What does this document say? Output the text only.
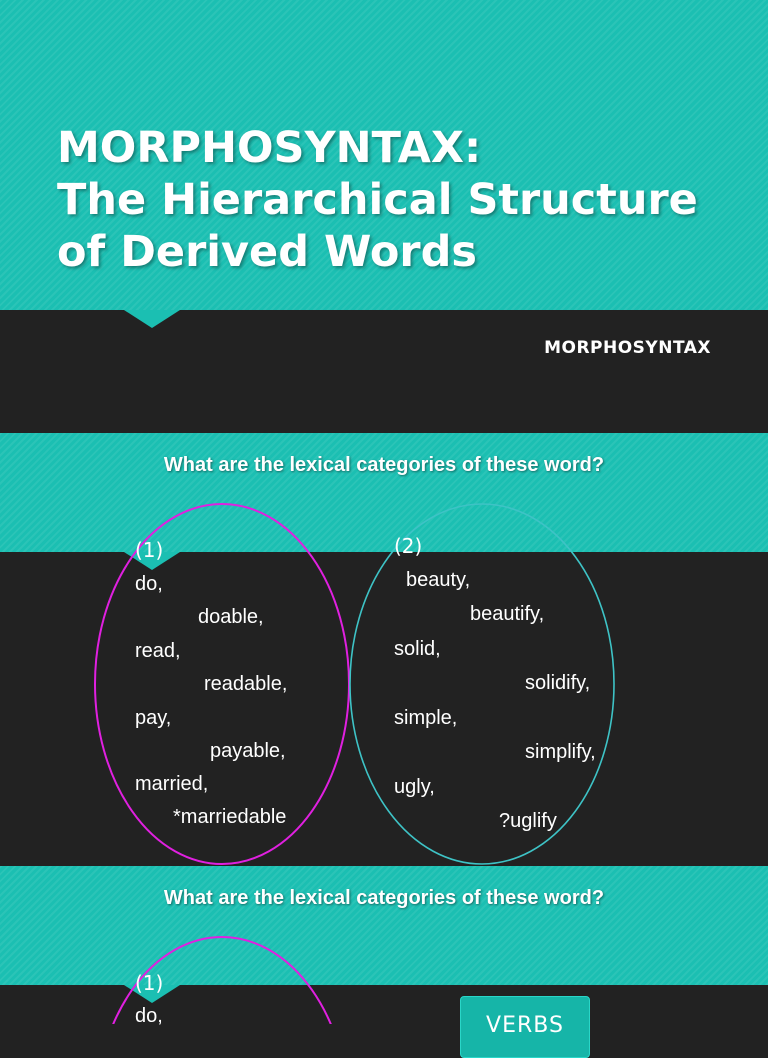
MORPHOSYNTAX:
The Hierarchical Structure
of Derived Words
MORPHOSYNTAX
What are the lexical categories of these word?
(1)
do,
doable,
read,
readable,
pay,
payable,
married,
*marriedable
(2)
beauty,
beautify,
solid,
solidify,
simple,
simplify,
ugly,
?uglify
What are the lexical categories of these word?
(1)
do,	VERBS
